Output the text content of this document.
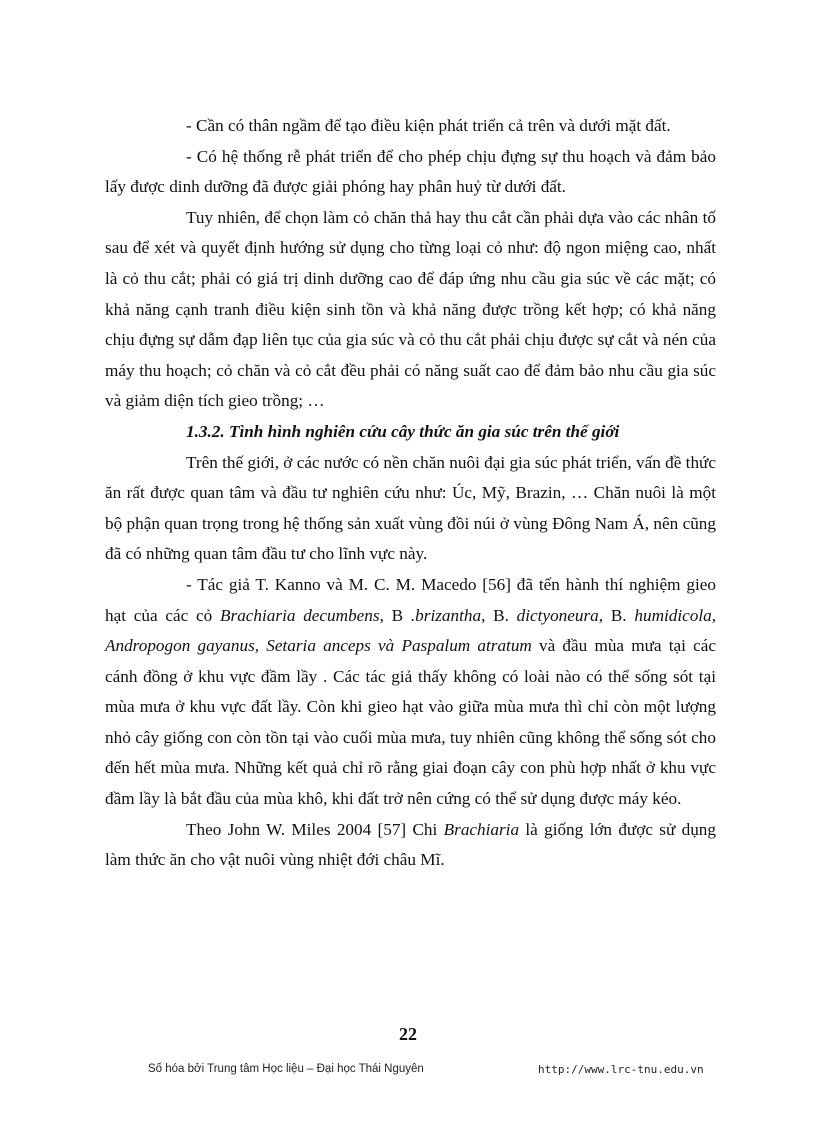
- Cần có thân ngầm để tạo điều kiện phát triển cả trên và dưới mặt đất.

- Có hệ thống rễ phát triển để cho phép chịu đựng sự thu hoạch và đảm bảo lấy được dinh dưỡng đã được giải phóng hay phân huỷ từ dưới đất.

Tuy nhiên, để chọn làm cỏ chăn thả hay thu cắt cần phải dựa vào các nhân tố sau để xét và quyết định hướng sử dụng cho từng loại cỏ như: độ ngon miệng cao, nhất là cỏ thu cắt; phải có giá trị dinh dưỡng cao để đáp ứng nhu cầu gia súc về các mặt; có khả năng cạnh tranh điều kiện sinh tồn và khả năng được trồng kết hợp; có khả năng chịu đựng sự dẫm đạp liên tục của gia súc và cỏ thu cắt phải chịu được sự cắt và nén của máy thu hoạch; cỏ chăn và cỏ cắt đều phải có năng suất cao để đảm bảo nhu cầu gia súc và giảm diện tích gieo trồng; …

1.3.2. Tình hình nghiên cứu cây thức ăn gia súc trên thế giới

Trên thế giới, ở các nước có nền chăn nuôi đại gia súc phát triển, vấn đề thức ăn rất được quan tâm và đầu tư nghiên cứu như: Úc, Mỹ, Brazin, … Chăn nuôi là một bộ phận quan trọng trong hệ thống sản xuất vùng đồi núi ở vùng Đông Nam Á, nên cũng đã có những quan tâm đầu tư cho lĩnh vực này.

- Tác giả T. Kanno và M. C. M. Macedo [56] đã tến hành thí nghiệm gieo hạt của các cỏ Brachiaria decumbens, B .brizantha, B. dictyoneura, B. humidicola, Andropogon gayanus, Setaria anceps và Paspalum atratum và đầu mùa mưa tại các cánh đồng ở khu vực đầm lầy . Các tác giả thấy không có loài nào có thể sống sót tại mùa mưa ở khu vực đất lầy. Còn khi gieo hạt vào giữa mùa mưa thì chỉ còn một lượng nhỏ cây giống con còn tồn tại vào cuối mùa mưa, tuy nhiên cũng không thể sống sót cho đến hết mùa mưa. Những kết quả chỉ rõ rằng giai đoạn cây con phù hợp nhất ở khu vực đầm lầy là bắt đầu của mùa khô, khi đất trở nên cứng có thể sử dụng được máy kéo.

Theo John W. Miles 2004 [57] Chi Brachiaria là giống lớn được sử dụng làm thức ăn cho vật nuôi vùng nhiệt đới châu Mĩ.

22
Số hóa bởi Trung tâm Học liệu – Đại học Thái Nguyên	http://www.lrc-tnu.edu.vn
